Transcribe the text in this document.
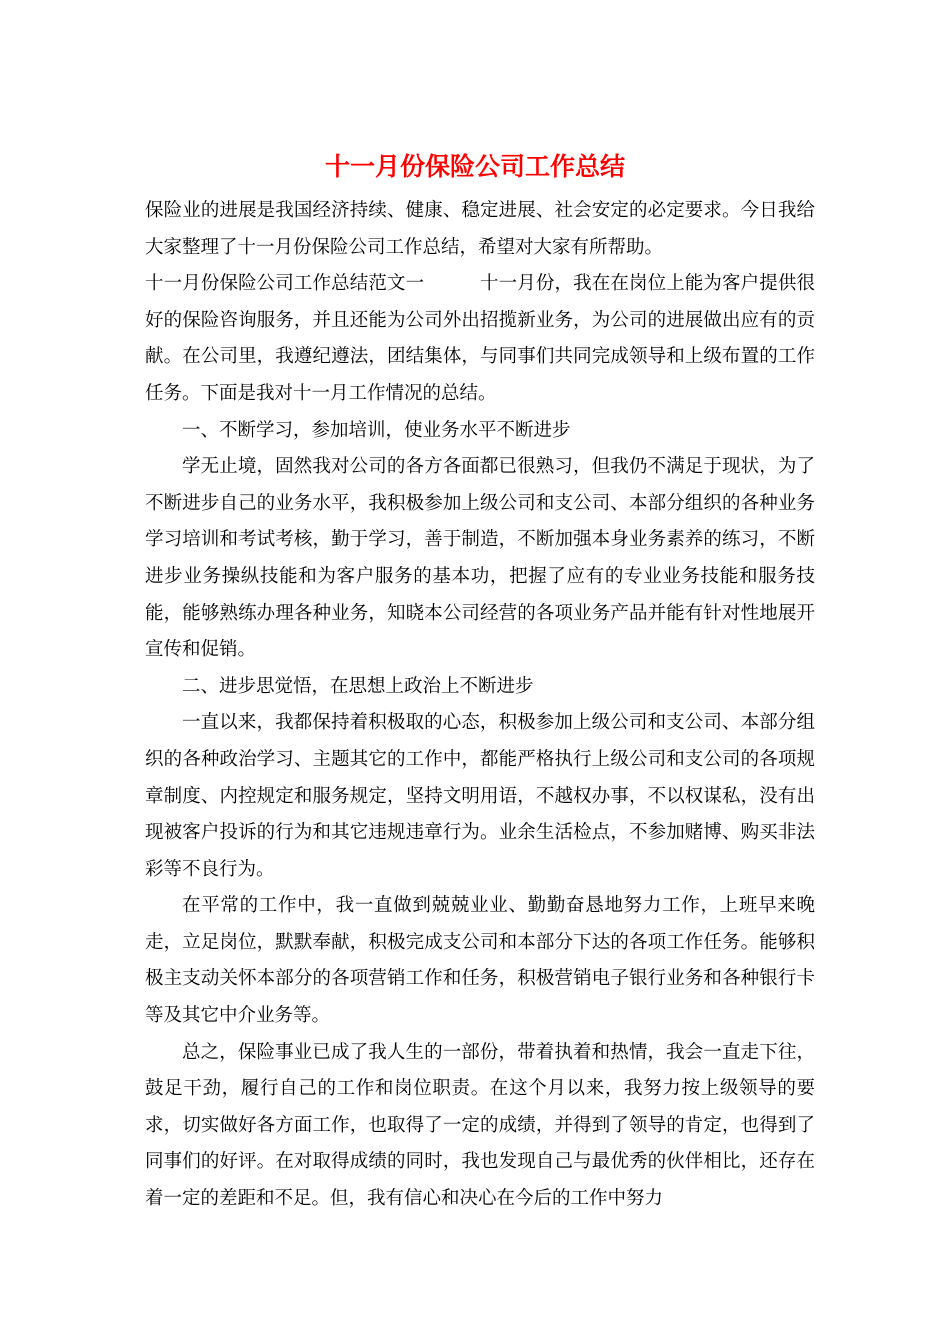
十一月份保险公司工作总结

保险业的进展是我国经济持续、健康、稳定进展、社会安定的必定要求。今日我给大家整理了十一月份保险公司工作总结，希望对大家有所帮助。

十一月份保险公司工作总结范文一　　　十一月份，我在在岗位上能为客户提供很好的保险咨询服务，并且还能为公司外出招揽新业务，为公司的进展做出应有的贡献。在公司里，我遵纪遵法，团结集体，与同事们共同完成领导和上级布置的工作任务。下面是我对十一月工作情况的总结。

一、不断学习，参加培训，使业务水平不断进步

学无止境，固然我对公司的各方各面都已很熟习，但我仍不满足于现状，为了不断进步自己的业务水平，我积极参加上级公司和支公司、本部分组织的各种业务学习培训和考试考核，勤于学习，善于制造，不断加强本身业务素养的练习，不断进步业务操纵技能和为客户服务的基本功，把握了应有的专业业务技能和服务技能，能够熟练办理各种业务，知晓本公司经营的各项业务产品并能有针对性地展开宣传和促销。

二、进步思觉悟，在思想上政治上不断进步

一直以来，我都保持着积极取的心态，积极参加上级公司和支公司、本部分组织的各种政治学习、主题其它的工作中，都能严格执行上级公司和支公司的各项规章制度、内控规定和服务规定，坚持文明用语，不越权办事，不以权谋私，没有出现被客户投诉的行为和其它违规违章行为。业余生活检点，不参加赌博、购买非法彩等不良行为。

在平常的工作中，我一直做到兢兢业业、勤勤奋恳地努力工作，上班早来晚走，立足岗位，默默奉献，积极完成支公司和本部分下达的各项工作任务。能够积极主支动关怀本部分的各项营销工作和任务，积极营销电子银行业务和各种银行卡等及其它中介业务等。

总之，保险事业已成了我人生的一部份，带着执着和热情，我会一直走下往，鼓足干劲，履行自己的工作和岗位职责。在这个月以来，我努力按上级领导的要求，切实做好各方面工作，也取得了一定的成绩，并得到了领导的肯定，也得到了同事们的好评。在对取得成绩的同时，我也发现自己与最优秀的伙伴相比，还存在着一定的差距和不足。但，我有信心和决心在今后的工作中努力
